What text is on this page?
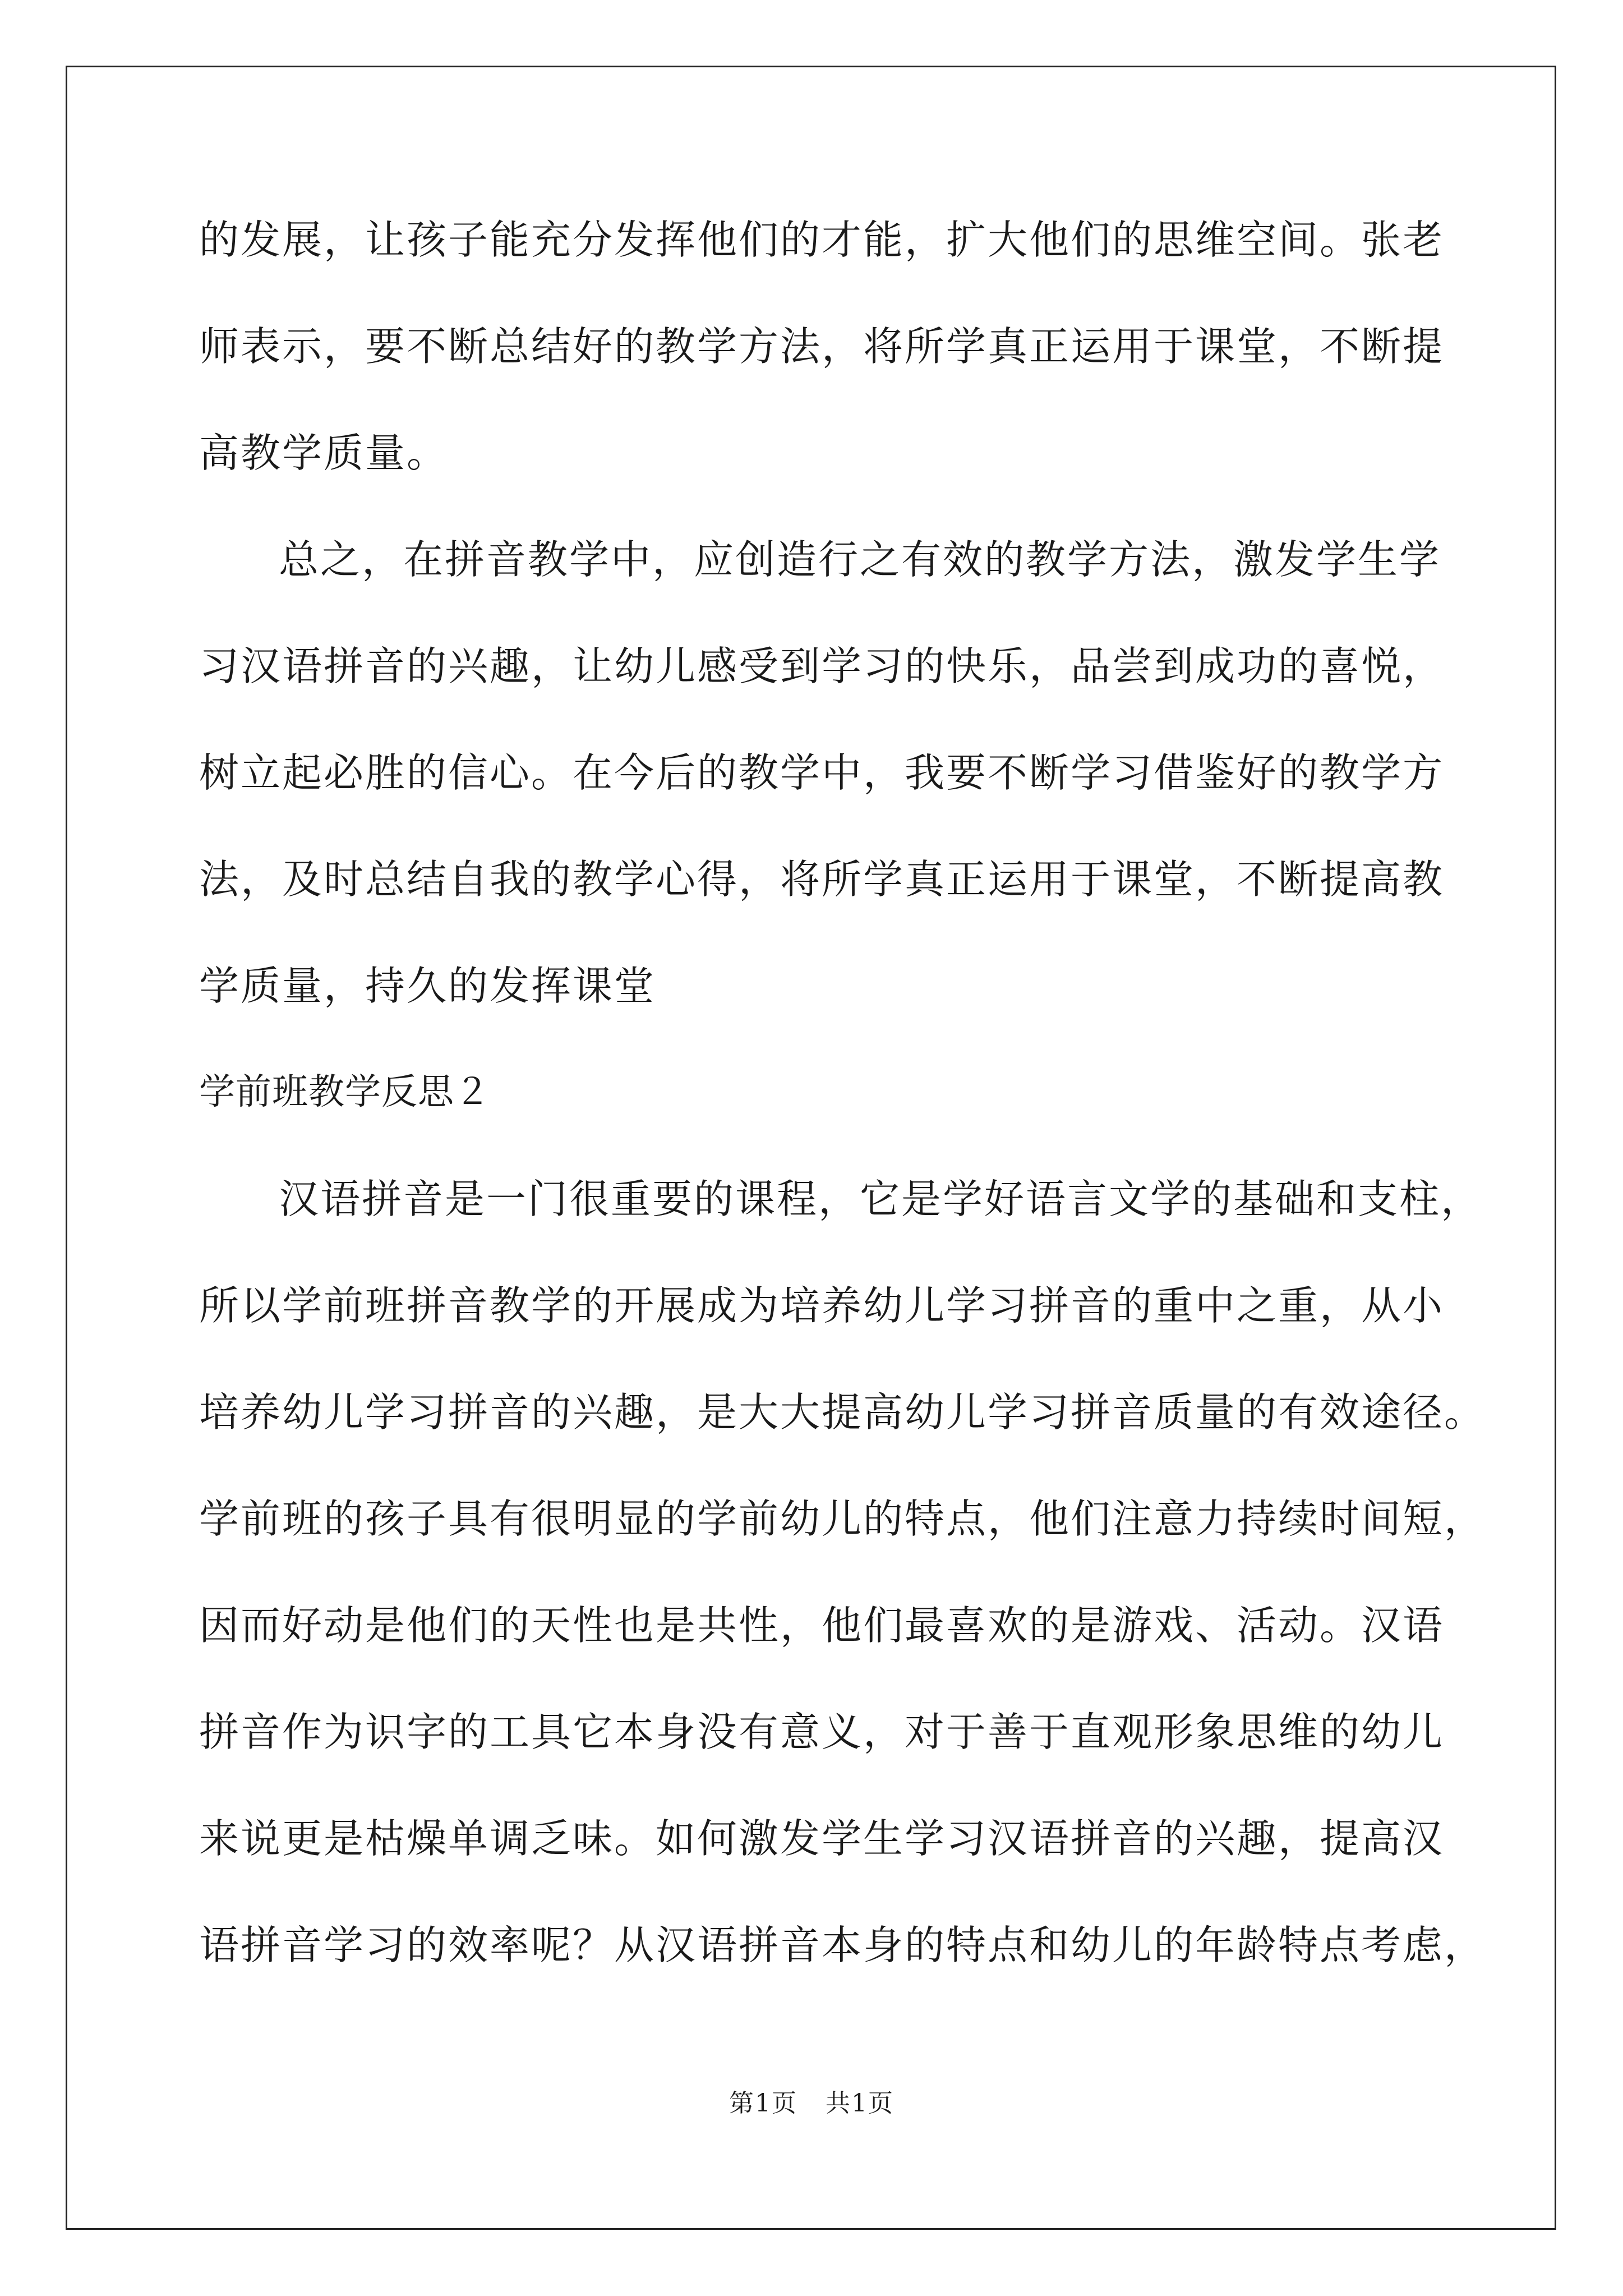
的发展，让孩子能充分发挥他们的才能，扩大他们的思维空间。张老
师表示，要不断总结好的教学方法，将所学真正运用于课堂，不断提
高教学质量。
总之，在拼音教学中，应创造行之有效的教学方法，激发学生学
习汉语拼音的兴趣，让幼儿感受到学习的快乐，品尝到成功的喜悦，
树立起必胜的信心。在今后的教学中，我要不断学习借鉴好的教学方
法，及时总结自我的教学心得，将所学真正运用于课堂，不断提高教
学质量，持久的发挥课堂
学前班教学反思２
汉语拼音是一门很重要的课程，它是学好语言文学的基础和支柱，
所以学前班拼音教学的开展成为培养幼儿学习拼音的重中之重，从小
培养幼儿学习拼音的兴趣，是大大提高幼儿学习拼音质量的有效途径。
学前班的孩子具有很明显的学前幼儿的特点，他们注意力持续时间短，
因而好动是他们的天性也是共性，他们最喜欢的是游戏、活动。汉语
拼音作为识字的工具它本身没有意义，对于善于直观形象思维的幼儿
来说更是枯燥单调乏味。如何激发学生学习汉语拼音的兴趣，提高汉
语拼音学习的效率呢？从汉语拼音本身的特点和幼儿的年龄特点考虑，
第1页 共1页
